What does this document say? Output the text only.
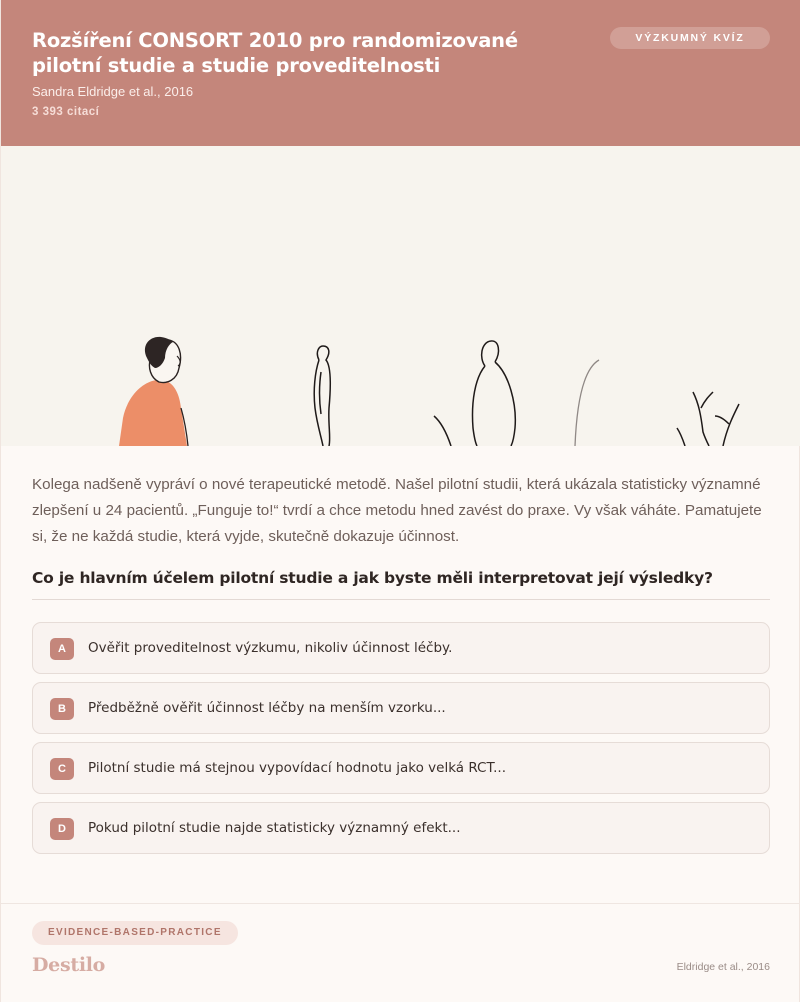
Rozšíření CONSORT 2010 pro randomizované pilotní studie a studie proveditelnosti
Sandra Eldridge et al., 2016
3 393 citací
VÝZKUMNÝ KVÍZ

Kolega nadšeně vypráví o nové terapeutické metodě. Našel pilotní studii, která ukázala statisticky významné zlepšení u 24 pacientů. „Funguje to!“ tvrdí a chce metodu hned zavést do praxe. Vy však váháte. Pamatujete si, že ne každá studie, která vyjde, skutečně dokazuje účinnost.

Co je hlavním účelem pilotní studie a jak byste měli interpretovat její výsledky?
A	Ověřit proveditelnost výzkumu, nikoliv účinnost léčby.
B	Předběžně ověřit účinnost léčby na menším vzorku...
C	Pilotní studie má stejnou vypovídací hodnotu jako velká RCT...
D	Pokud pilotní studie najde statisticky významný efekt...
EVIDENCE-BASED-PRACTICE
Destilo	Eldridge et al., 2016
